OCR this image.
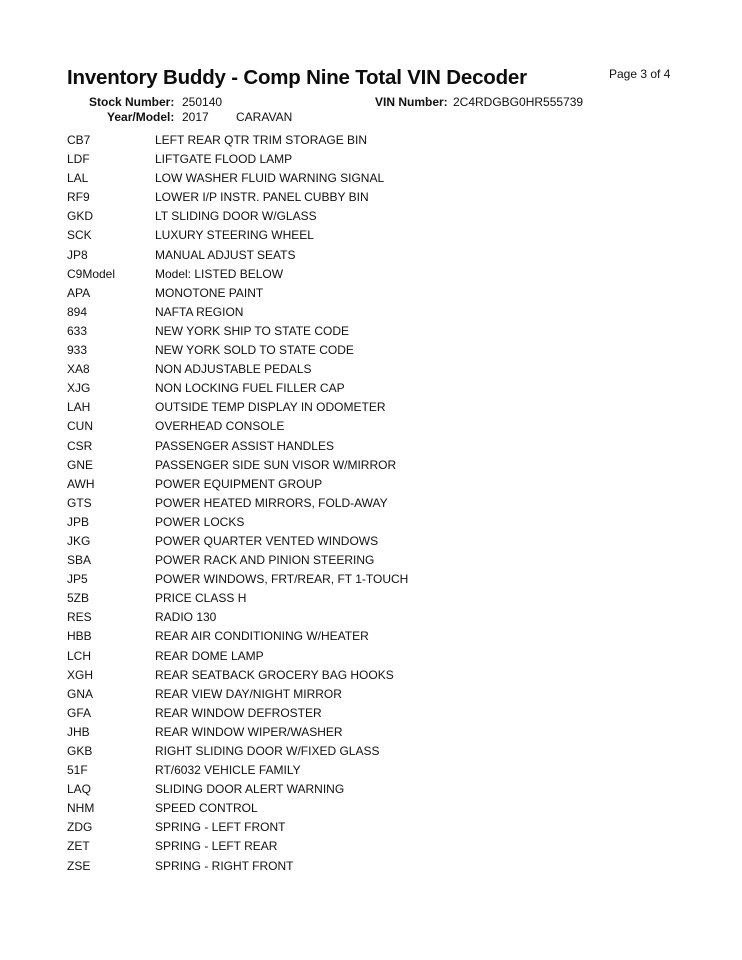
Inventory Buddy - Comp Nine Total VIN Decoder	Page 3 of 4
Stock Number: 250140	VIN Number: 2C4RDGBG0HR555739
Year/Model: 2017 CARAVAN
CB7	LEFT REAR QTR TRIM STORAGE BIN
LDF	LIFTGATE FLOOD LAMP
LAL	LOW WASHER FLUID WARNING SIGNAL
RF9	LOWER I/P INSTR. PANEL CUBBY BIN
GKD	LT SLIDING DOOR W/GLASS
SCK	LUXURY STEERING WHEEL
JP8	MANUAL ADJUST SEATS
C9Model	Model: LISTED BELOW
APA	MONOTONE PAINT
894	NAFTA REGION
633	NEW YORK SHIP TO STATE CODE
933	NEW YORK SOLD TO STATE CODE
XA8	NON ADJUSTABLE PEDALS
XJG	NON LOCKING FUEL FILLER CAP
LAH	OUTSIDE TEMP DISPLAY IN ODOMETER
CUN	OVERHEAD CONSOLE
CSR	PASSENGER ASSIST HANDLES
GNE	PASSENGER SIDE SUN VISOR W/MIRROR
AWH	POWER EQUIPMENT GROUP
GTS	POWER HEATED MIRRORS, FOLD-AWAY
JPB	POWER LOCKS
JKG	POWER QUARTER VENTED WINDOWS
SBA	POWER RACK AND PINION STEERING
JP5	POWER WINDOWS, FRT/REAR, FT 1-TOUCH
5ZB	PRICE CLASS H
RES	RADIO 130
HBB	REAR AIR CONDITIONING W/HEATER
LCH	REAR DOME LAMP
XGH	REAR SEATBACK GROCERY BAG HOOKS
GNA	REAR VIEW DAY/NIGHT MIRROR
GFA	REAR WINDOW DEFROSTER
JHB	REAR WINDOW WIPER/WASHER
GKB	RIGHT SLIDING DOOR W/FIXED GLASS
51F	RT/6032 VEHICLE FAMILY
LAQ	SLIDING DOOR ALERT WARNING
NHM	SPEED CONTROL
ZDG	SPRING - LEFT FRONT
ZET	SPRING - LEFT REAR
ZSE	SPRING - RIGHT FRONT
